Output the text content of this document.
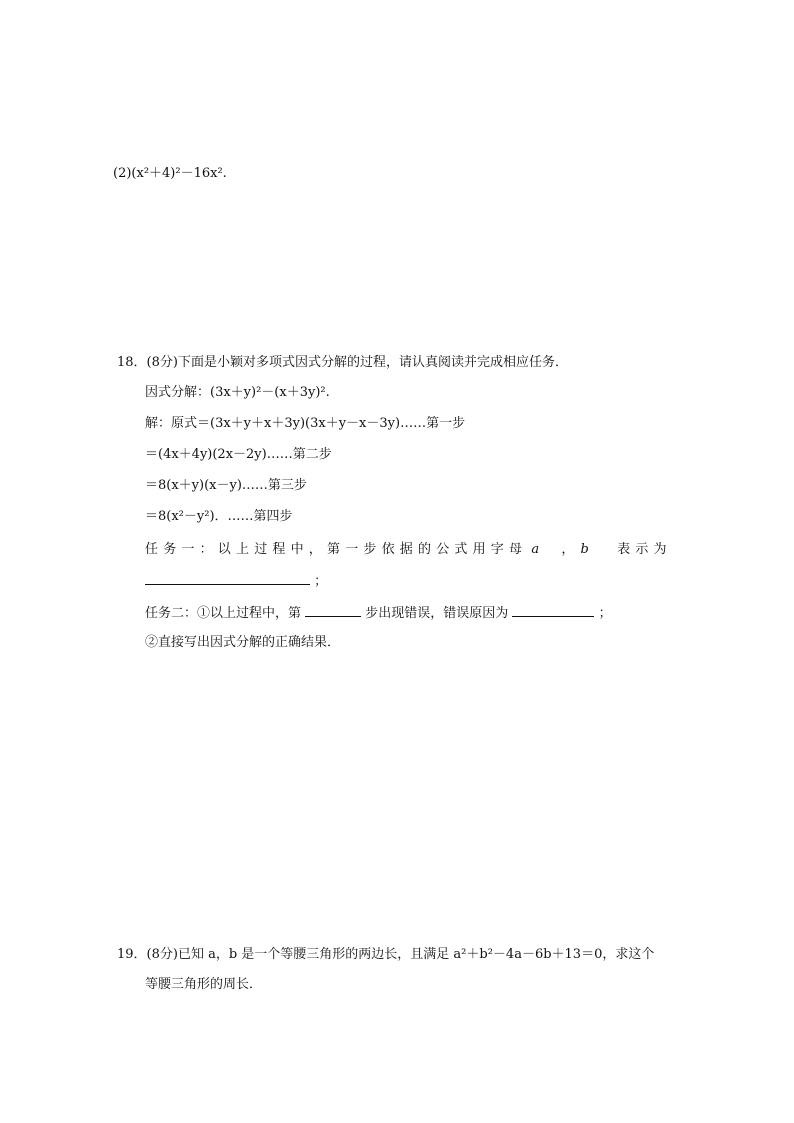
(2)(x²＋4)²－16x².
18．(8分)下面是小颖对多项式因式分解的过程，请认真阅读并完成相应任务．
因式分解：(3x＋y)²－(x＋3y)².
解：原式＝(3x＋y＋x＋3y)(3x＋y－x－3y)……第一步
＝(4x＋4y)(2x－2y)……第二步
＝8(x＋y)(x－y)……第三步
＝8(x²－y²)．……第四步
任务一：以上过程中，第一步依据的公式用字母 a ， b 表示为
；
任务二：①以上过程中，第	步出现错误，错误原因为	；
②直接写出因式分解的正确结果．
19．(8分)已知 a，b 是一个等腰三角形的两边长，且满足 a²＋b²－4a－6b＋13＝0，求这个
等腰三角形的周长．
